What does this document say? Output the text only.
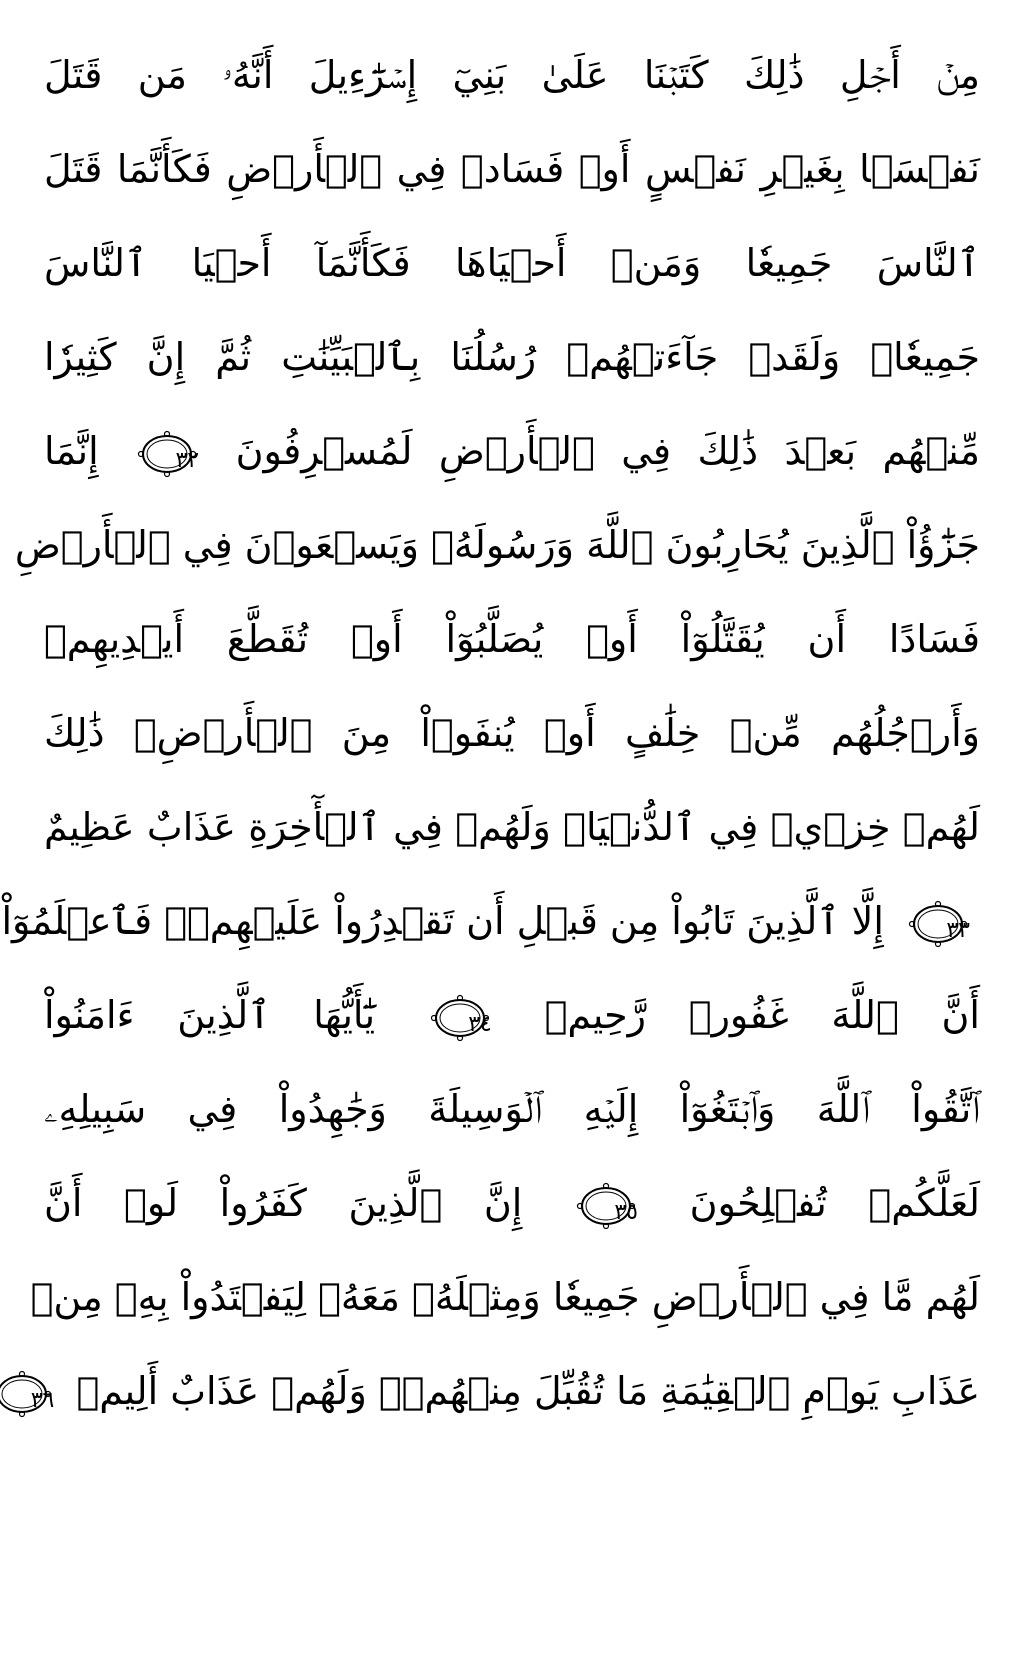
مِنۡ أَجۡلِ ذَٰلِكَ كَتَبۡنَا عَلَىٰ بَنِيٓ إِسۡرَٰٓءِيلَ أَنَّهُۥ مَن قَتَلَ
نَفۡسَۢا بِغَيۡرِ نَفۡسٍ أَوۡ فَسَادٖ فِي ٱلۡأَرۡضِ فَكَأَنَّمَا قَتَلَ
ٱلنَّاسَ جَمِيعٗا وَمَنۡ أَحۡيَاهَا فَكَأَنَّمَآ أَحۡيَا ٱلنَّاسَ
جَمِيعٗاۚ وَلَقَدۡ جَآءَتۡهُمۡ رُسُلُنَا بِٱلۡبَيِّنَٰتِ ثُمَّ إِنَّ كَثِيرٗا
مِّنۡهُم بَعۡدَ ذَٰلِكَ فِي ٱلۡأَرۡضِ لَمُسۡرِفُونَ
٣٢ إِنَّمَا
جَزَٰٓؤُاْ ٱلَّذِينَ يُحَارِبُونَ ٱللَّهَ وَرَسُولَهُۥ وَيَسۡعَوۡنَ فِي ٱلۡأَرۡضِ
فَسَادًا أَن يُقَتَّلُوٓاْ أَوۡ يُصَلَّبُوٓاْ أَوۡ تُقَطَّعَ أَيۡدِيهِمۡ
وَأَرۡجُلُهُم مِّنۡ خِلَٰفٍ أَوۡ يُنفَوۡاْ مِنَ ٱلۡأَرۡضِۚ ذَٰلِكَ
لَهُمۡ خِزۡيٞ فِي ٱلدُّنۡيَاۖ وَلَهُمۡ فِي ٱلۡأٓخِرَةِ عَذَابٌ عَظِيمٌ
٣٣ إِلَّا ٱلَّذِينَ تَابُواْ مِن قَبۡلِ أَن تَقۡدِرُواْ عَلَيۡهِمۡۖ فَٱعۡلَمُوٓاْ
أَنَّ ٱللَّهَ غَفُورٞ رَّحِيمٞ
٣٤ يَٰٓأَيُّهَا ٱلَّذِينَ ءَامَنُواْ
ٱتَّقُواْ ٱللَّهَ وَٱبۡتَغُوٓاْ إِلَيۡهِ ٱلۡوَسِيلَةَ وَجَٰهِدُواْ فِي سَبِيلِهِۦ
لَعَلَّكُمۡ تُفۡلِحُونَ
٣٥ إِنَّ ٱلَّذِينَ كَفَرُواْ لَوۡ أَنَّ
لَهُم مَّا فِي ٱلۡأَرۡضِ جَمِيعٗا وَمِثۡلَهُۥ مَعَهُۥ لِيَفۡتَدُواْ بِهِۦ مِنۡ
عَذَابِ يَوۡمِ ٱلۡقِيَٰمَةِ مَا تُقُبِّلَ مِنۡهُمۡۖ وَلَهُمۡ عَذَابٌ أَلِيمٞ
٣٦
